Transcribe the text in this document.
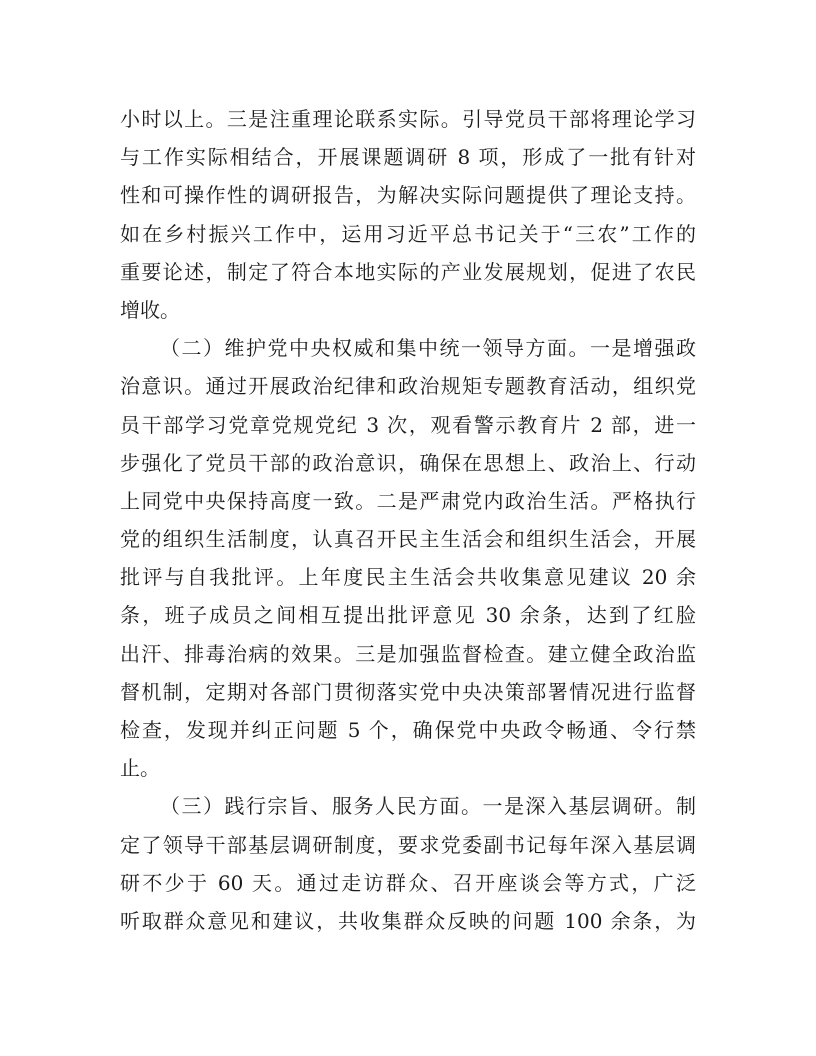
小时以上。三是注重理论联系实际。引导党员干部将理论学习
与工作实际相结合，开展课题调研 8 项，形成了一批有针对
性和可操作性的调研报告，为解决实际问题提供了理论支持。
如在乡村振兴工作中，运用习近平总书记关于“三农”工作的
重要论述，制定了符合本地实际的产业发展规划，促进了农民
增收。
（二）维护党中央权威和集中统一领导方面。一是增强政
治意识。通过开展政治纪律和政治规矩专题教育活动，组织党
员干部学习党章党规党纪 3 次，观看警示教育片 2 部，进一
步强化了党员干部的政治意识，确保在思想上、政治上、行动
上同党中央保持高度一致。二是严肃党内政治生活。严格执行
党的组织生活制度，认真召开民主生活会和组织生活会，开展
批评与自我批评。上年度民主生活会共收集意见建议 20 余
条，班子成员之间相互提出批评意见 30 余条，达到了红脸
出汗、排毒治病的效果。三是加强监督检查。建立健全政治监
督机制，定期对各部门贯彻落实党中央决策部署情况进行监督
检查，发现并纠正问题 5 个，确保党中央政令畅通、令行禁
止。
（三）践行宗旨、服务人民方面。一是深入基层调研。制
定了领导干部基层调研制度，要求党委副书记每年深入基层调
研不少于 60 天。通过走访群众、召开座谈会等方式，广泛
听取群众意见和建议，共收集群众反映的问题 100 余条，为
